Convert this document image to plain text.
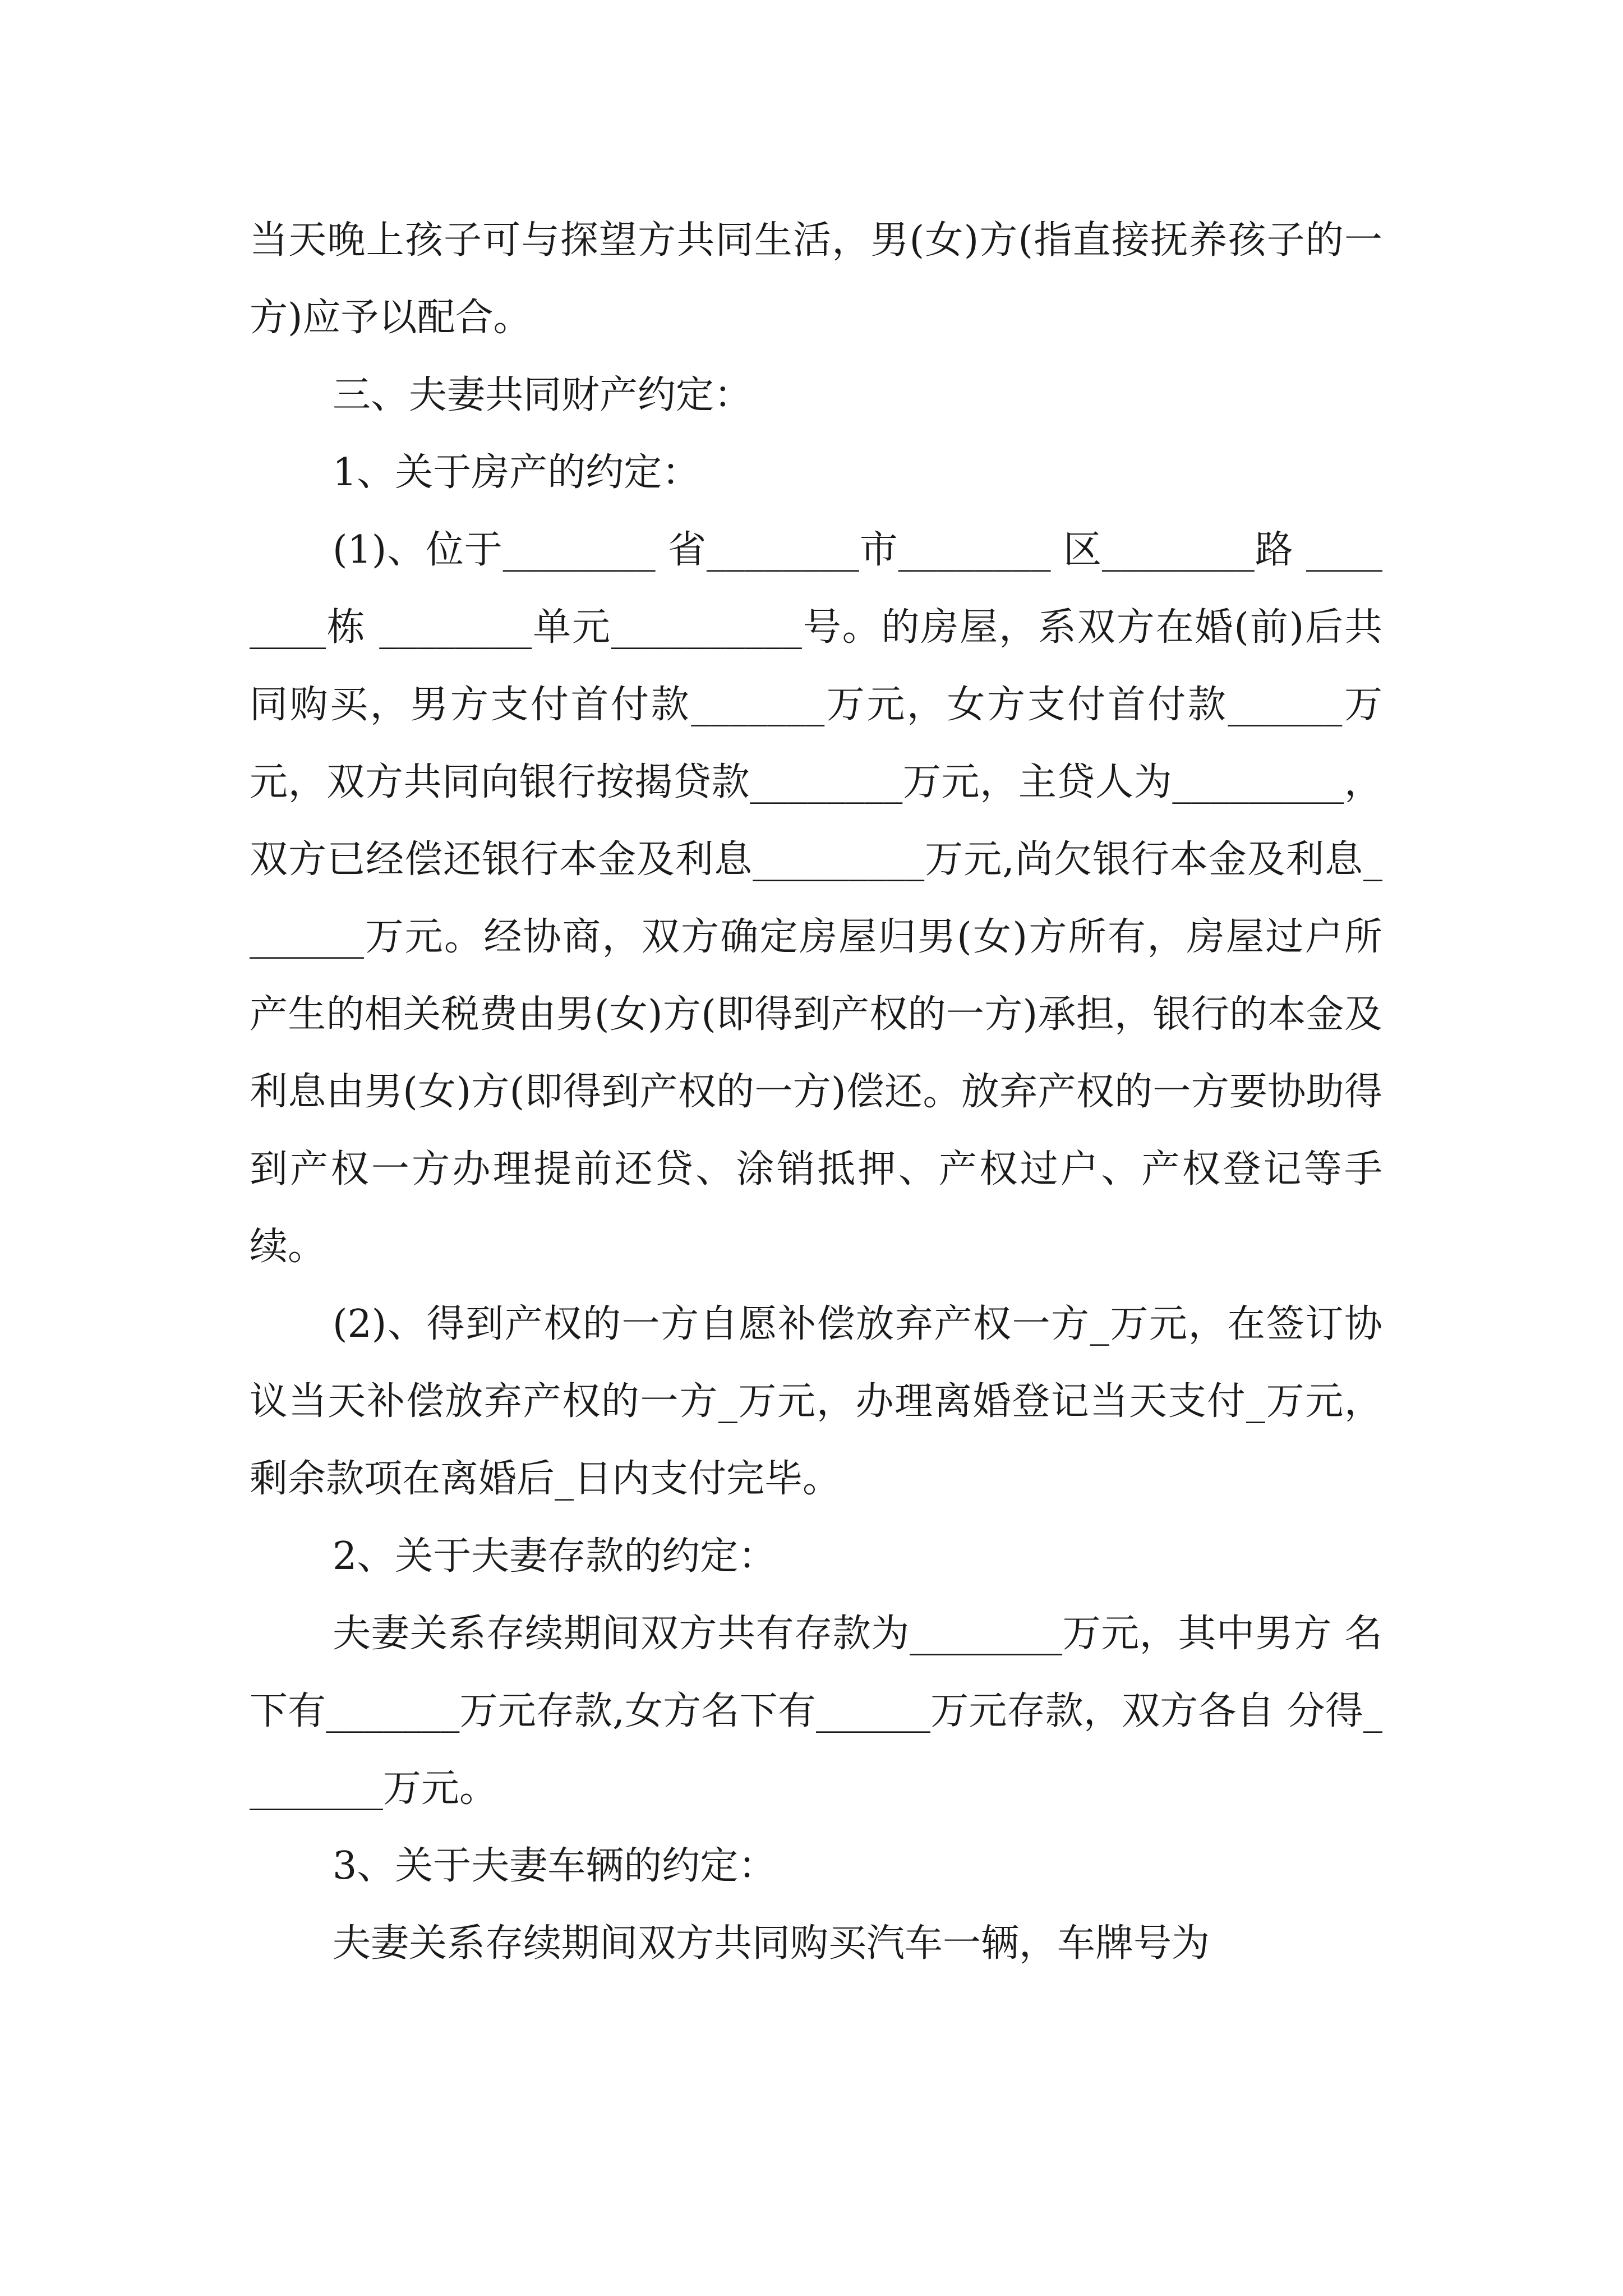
当天晚上孩子可与探望方共同生活，男(女)方(指直接抚养孩子的一方)应予以配合。

三、夫妻共同财产约定：

1、关于房产的约定：

(1)、位于________ 省________市________ 区________路 ________栋 ________单元__________号。的房屋，系双方在婚(前)后共同购买，男方支付首付款_______万元，女方支付首付款______万元，双方共同向银行按揭贷款________万元，主贷人为_________，双方已经偿还银行本金及利息_________万元,尚欠银行本金及利息_______万元。经协商，双方确定房屋归男(女)方所有，房屋过户所产生的相关税费由男(女)方(即得到产权的一方)承担，银行的本金及利息由男(女)方(即得到产权的一方)偿还。放弃产权的一方要协助得到产权一方办理提前还贷、涂销抵押、产权过户、产权登记等手续。

(2)、得到产权的一方自愿补偿放弃产权一方_万元，在签订协议当天补偿放弃产权的一方_万元，办理离婚登记当天支付_万元，剩余款项在离婚后_日内支付完毕。

2、关于夫妻存款的约定：

夫妻关系存续期间双方共有存款为________万元，其中男方 名下有_______万元存款,女方名下有______万元存款，双方各自 分得________万元。

3、关于夫妻车辆的约定：

夫妻关系存续期间双方共同购买汽车一辆，车牌号为
